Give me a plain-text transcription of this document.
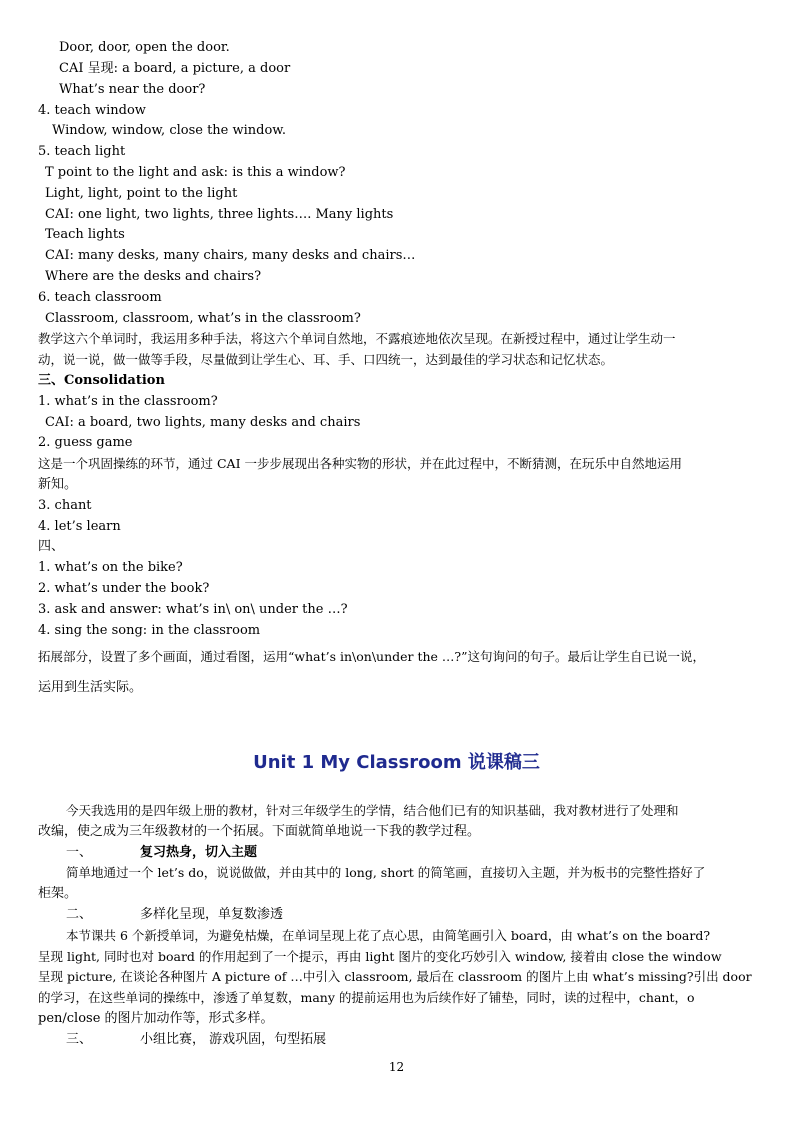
Door, door, open the door.
CAI 呈现: a board, a picture, a door
What’s near the door?
4. teach window
Window, window, close the window.
5. teach light
T point to the light and ask: is this a window?
Light, light, point to the light
CAI: one light, two lights, three lights…. Many lights
Teach lights
CAI: many desks, many chairs, many desks and chairs…
Where are the desks and chairs?
6. teach classroom
Classroom, classroom, what’s in the classroom?
教学这六个单词时，我运用多种手法，将这六个单词自然地，不露痕迹地依次呈现。在新授过程中，通过让学生动一
动，说一说，做一做等手段，尽量做到让学生心、耳、手、口四统一，达到最佳的学习状态和记忆状态。
三、Consolidation
1. what’s in the classroom?
CAI: a board, two lights, many desks and chairs
2. guess game
这是一个巩固操练的环节，通过 CAI 一步步展现出各种实物的形状，并在此过程中，不断猜测，在玩乐中自然地运用
新知。
3. chant
4. let’s learn
四、
1. what’s on the bike?
2. what’s under the book?
3. ask and answer: what’s in\ on\ under the …?
4. sing the song: in the classroom
拓展部分，设置了多个画面，通过看图，运用“what’s in\on\under the …?”这句询问的句子。最后让学生自已说一说，
运用到生活实际。
Unit 1 My Classroom 说课稿三
今天我选用的是四年级上册的教材，针对三年级学生的学情，结合他们已有的知识基础，我对教材进行了处理和
改编，使之成为三年级教材的一个拓展。下面就简单地说一下我的教学过程。
一、	复习热身，切入主题
简单地通过一个 let’s do，说说做做，并由其中的 long, short 的简笔画，直接切入主题，并为板书的完整性搭好了
柜架。
二、	多样化呈现，单复数渗透
本节课共 6 个新授单词，为避免枯燥，在单词呈现上花了点心思，由简笔画引入 board，由 what’s on the board?
呈现 light, 同时也对 board 的作用起到了一个提示，再由 light 图片的变化巧妙引入 window, 接着由 close the window
呈现 picture, 在谈论各种图片 A picture of …中引入 classroom, 最后在 classroom 的图片上由 what’s missing?引出 door
的学习，在这些单词的操练中，渗透了单复数，many 的提前运用也为后续作好了铺垫，同时，读的过程中，chant，o
pen/close 的图片加动作等，形式多样。
三、	小组比赛， 游戏巩固，句型拓展
12
